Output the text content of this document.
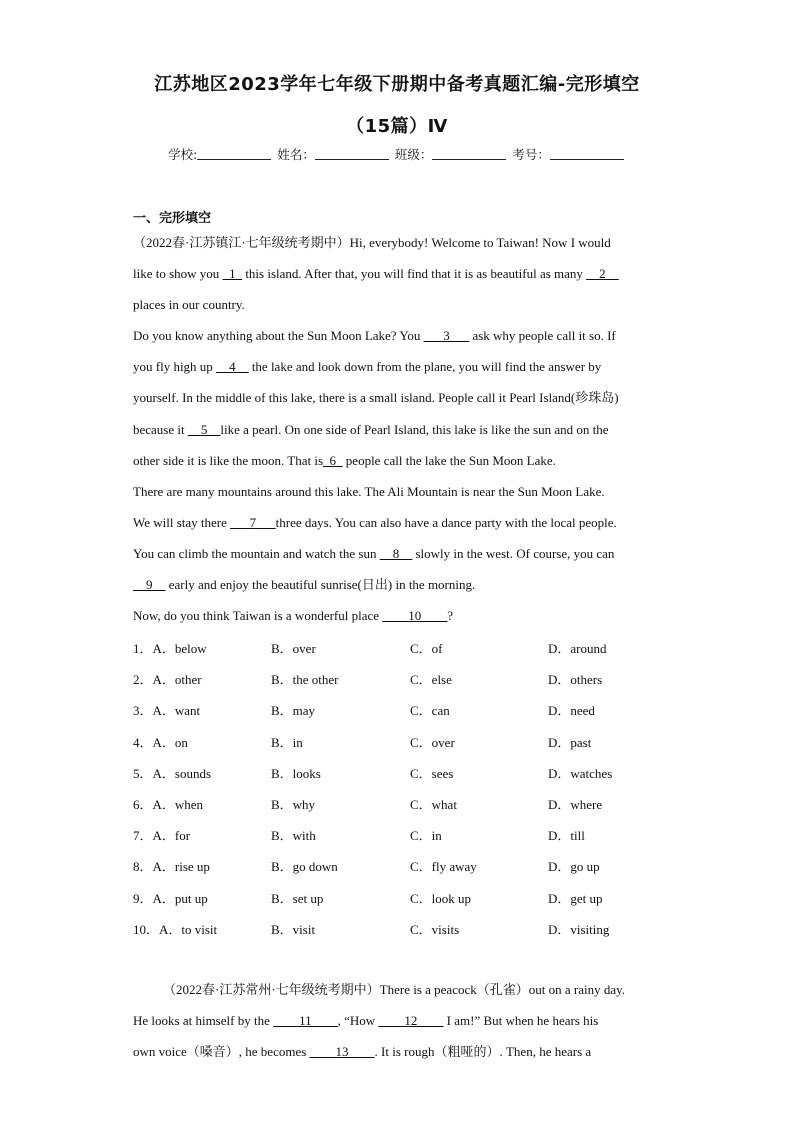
江苏地区2023学年七年级下册期中备考真题汇编-完形填空
（15篇）Ⅳ
学校:	姓名：	班级：	考号：
一、完形填空
（2022春·江苏镇江·七年级统考期中）Hi, everybody! Welcome to Taiwan! Now I would
like to show you _1_ this island. After that, you will find that it is as beautiful as many __2__
places in our country.
Do you know anything about the Sun Moon Lake? You ___3___ ask why people call it so. If
you fly high up __4__ the lake and look down from the plane, you will find the answer by
yourself. In the middle of this lake, there is a small island. People call it Pearl Island(珍珠岛)
because it __5__like a pearl. On one side of Pearl Island, this lake is like the sun and on the
other side it is like the moon. That is_6_ people call the lake the Sun Moon Lake.
There are many mountains around this lake. The Ali Mountain is near the Sun Moon Lake.
We will stay there ___7___three days. You can also have a dance party with the local people.
You can climb the mountain and watch the sun __8__ slowly in the west. Of course, you can
__9__ early and enjoy the beautiful sunrise(日出) in the morning.
Now, do you think Taiwan is a wonderful place ____10____?
1．A．below	B．over	C．of	D．around
2．A．other	B．the other	C．else	D．others
3．A．want	B．may	C．can	D．need
4．A．on	B．in	C．over	D．past
5．A．sounds	B．looks	C．sees	D．watches
6．A．when	B．why	C．what	D．where
7．A．for	B．with	C．in	D．till
8．A．rise up	B．go down	C．fly away	D．go up
9．A．put up	B．set up	C．look up	D．get up
10．A．to visit	B．visit	C．visits	D．visiting
（2022春·江苏常州·七年级统考期中）There is a peacock（孔雀）out on a rainy day.
He looks at himself by the ____11____, “How ____12____ I am!” But when he hears his
own voice（嗓音）, he becomes ____13____. It is rough（粗哑的）. Then, he hears a
